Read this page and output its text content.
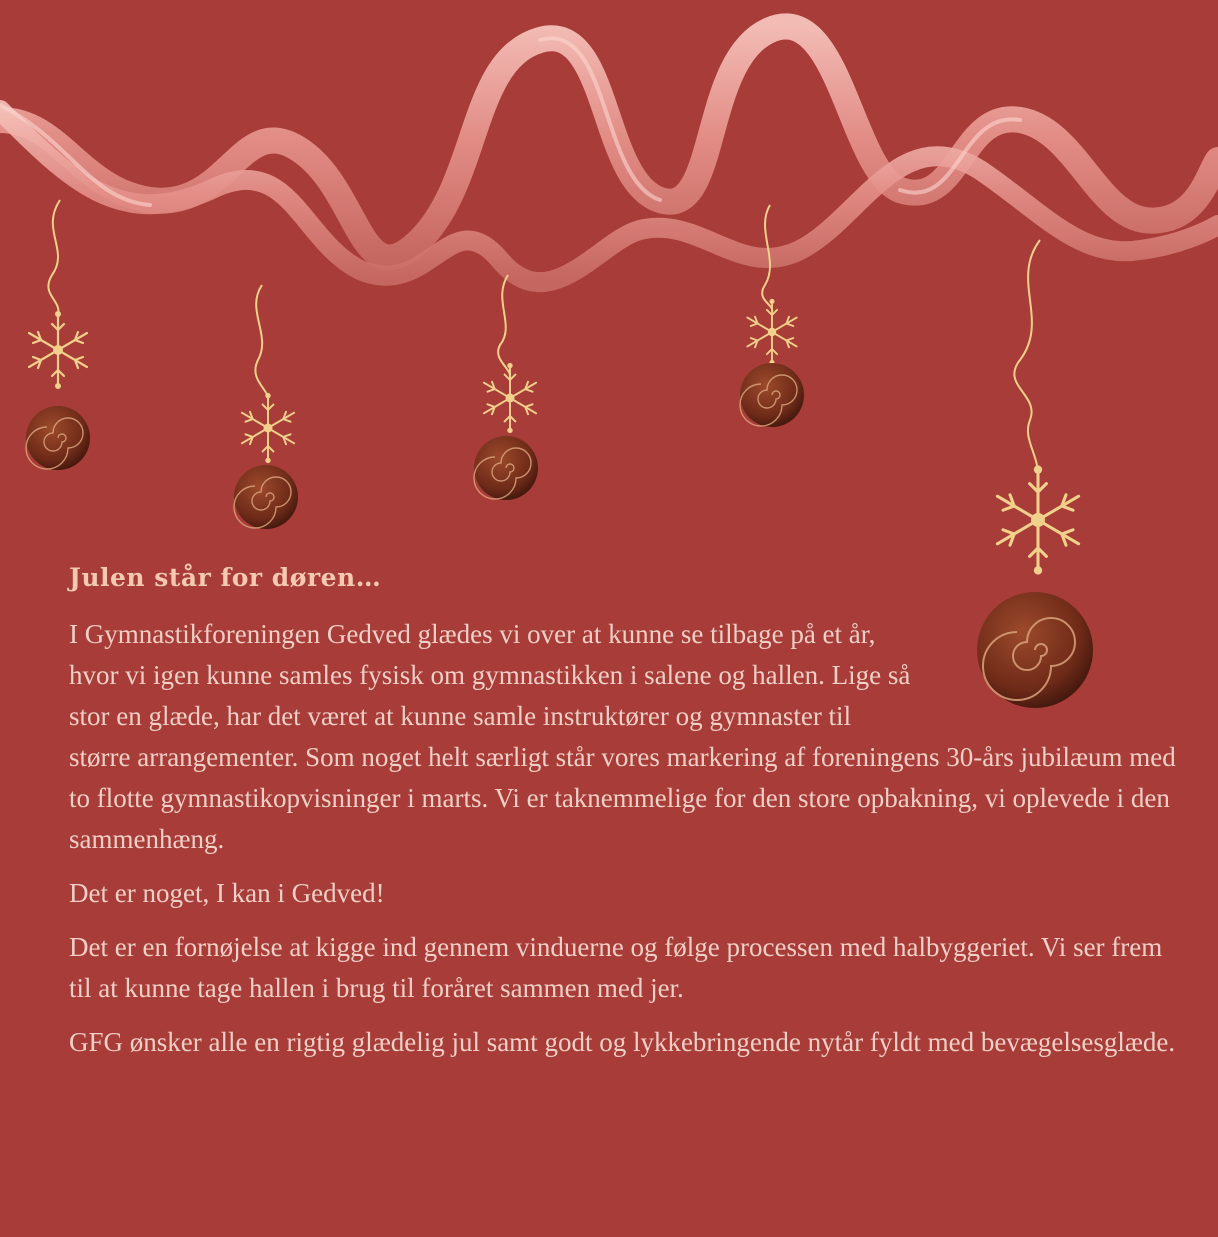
Julen står for døren…

I Gymnastikforeningen Gedved glædes vi over at kunne se tilbage på et år, hvor vi igen kunne samles fysisk om gymnastikken i salene og hallen. Lige så stor en glæde, har det været at kunne samle instruktører og gymnaster til større arrangementer. Som noget helt særligt står vores markering af foreningens 30-års jubilæum med to flotte gymnastikopvisninger i marts. Vi er taknemmelige for den store opbakning, vi oplevede i den sammenhæng.

Det er noget, I kan i Gedved!

Det er en fornøjelse at kigge ind gennem vinduerne og følge processen med halbyggeriet. Vi ser frem til at kunne tage hallen i brug til foråret sammen med jer.

GFG ønsker alle en rigtig glædelig jul samt godt og lykkebringende nytår fyldt med bevægelsesglæde.
